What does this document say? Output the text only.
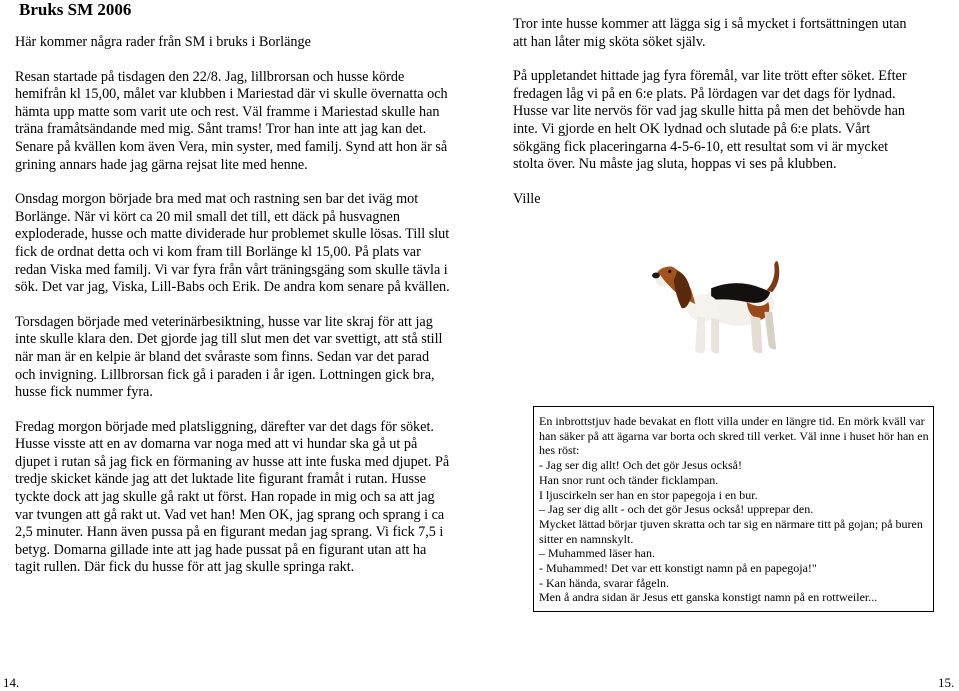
Bruks SM 2006

Här kommer några rader från SM i bruks i Borlänge

Resan startade på tisdagen den 22/8. Jag, lillbrorsan och husse körde hemifrån kl 15,00, målet var klubben i Mariestad där vi skulle övernatta och hämta upp matte som varit ute och rest. Väl framme i Mariestad skulle han träna framåtsändande med mig. Sånt trams! Tror han inte att jag kan det. Senare på kvällen kom även Vera, min syster, med familj. Synd att hon är så grining annars hade jag gärna rejsat lite med henne.

Onsdag morgon började bra med mat och rastning sen bar det iväg mot Borlänge. När vi kört ca 20 mil small det till, ett däck på husvagnen exploderade, husse och matte dividerade hur problemet skulle lösas. Till slut fick de ordnat detta och vi kom fram till Borlänge kl 15,00. På plats var redan Viska med familj. Vi var fyra från vårt träningsgäng som skulle tävla i sök. Det var jag, Viska, Lill-Babs och Erik. De andra kom senare på kvällen.

Torsdagen började med veterinärbesiktning, husse var lite skraj för att jag inte skulle klara den. Det gjorde jag till slut men det var svettigt, att stå still när man är en kelpie är bland det svåraste som finns. Sedan var det parad och invigning. Lillbrorsan fick gå i paraden i år igen. Lottningen gick bra, husse fick nummer fyra.

Fredag morgon började med platsliggning, därefter var det dags för söket. Husse visste att en av domarna var noga med att vi hundar ska gå ut på djupet i rutan så jag fick en förmaning av husse att inte fuska med djupet. På tredje skicket kände jag att det luktade lite figurant framåt i rutan. Husse tyckte dock att jag skulle gå rakt ut först. Han ropade in mig och sa att jag var tvungen att gå rakt ut. Vad vet han! Men OK, jag sprang och sprang i ca 2,5 minuter. Hann även pussa på en figurant medan jag sprang. Vi fick 7,5 i betyg. Domarna gillade inte att jag hade pussat på en figurant utan att ha tagit rullen. Där fick du husse för att jag skulle springa rakt.

Tror inte husse kommer att lägga sig i så mycket i fortsättningen utan att han låter mig sköta söket själv.

På uppletandet hittade jag fyra föremål, var lite trött efter söket. Efter fredagen låg vi på en 6:e plats. På lördagen var det dags för lydnad. Husse var lite nervös för vad jag skulle hitta på men det behövde han inte. Vi gjorde en helt OK lydnad och slutade på 6:e plats. Vårt sökgäng fick placeringarna 4-5-6-10, ett resultat som vi är mycket stolta över. Nu måste jag sluta, hoppas vi ses på klubben.

Ville

En inbrottstjuv hade bevakat en flott villa under en längre tid. En mörk kväll var han säker på att ägarna var borta och skred till verket. Väl inne i huset hör han en hes röst:

- Jag ser dig allt! Och det gör Jesus också!

Han snor runt och tänder ficklampan.

I ljuscirkeln ser han en stor papegoja i en bur.

– Jag ser dig allt - och det gör Jesus också! upprepar den.

Mycket lättad börjar tjuven skratta och tar sig en närmare titt på gojan; på buren sitter en namnskylt.

– Muhammed läser han.

- Muhammed! Det var ett konstigt namn på en papegoja!"

- Kan hända, svarar fågeln.

Men å andra sidan är Jesus ett ganska konstigt namn på en rottweiler...

14.	15.
